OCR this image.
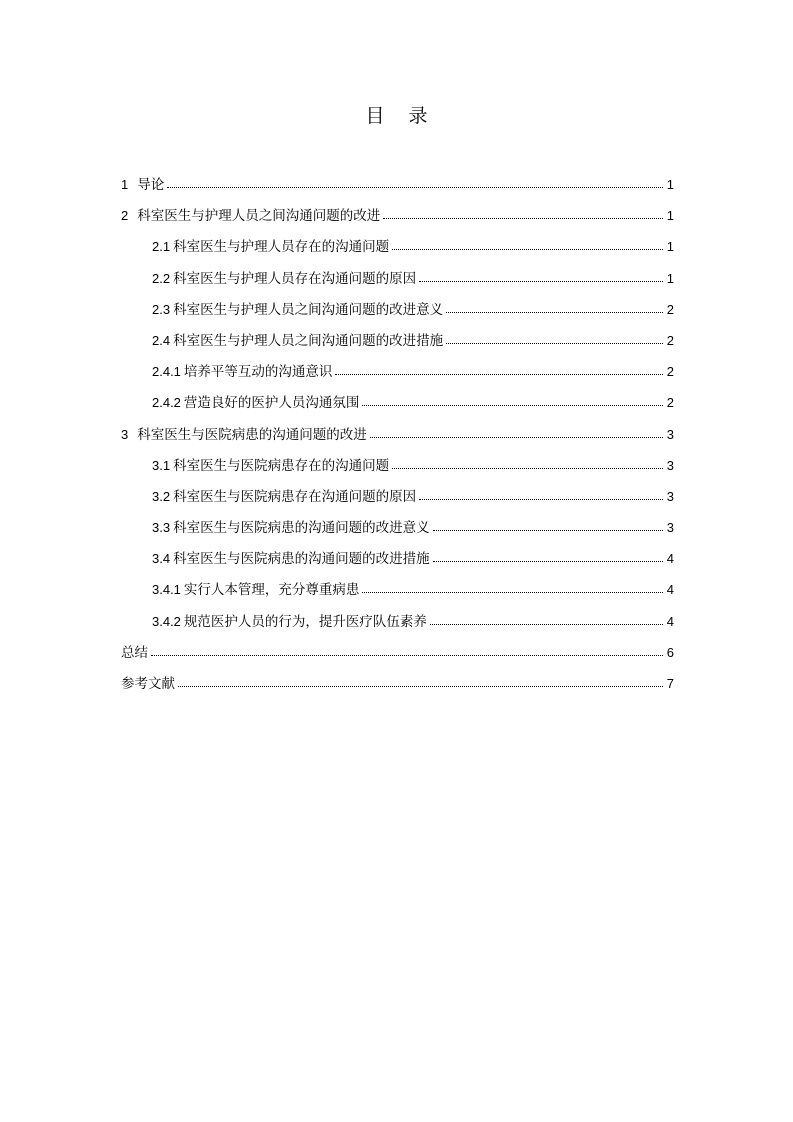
目 录
1 导论	1
2 科室医生与护理人员之间沟通问题的改进	1
2.1 科室医生与护理人员存在的沟通问题	1
2.2 科室医生与护理人员存在沟通问题的原因	1
2.3 科室医生与护理人员之间沟通问题的改进意义	2
2.4 科室医生与护理人员之间沟通问题的改进措施	2
2.4.1 培养平等互动的沟通意识	2
2.4.2 营造良好的医护人员沟通氛围	2
3 科室医生与医院病患的沟通问题的改进	3
3.1 科室医生与医院病患存在的沟通问题	3
3.2 科室医生与医院病患存在沟通问题的原因	3
3.3 科室医生与医院病患的沟通问题的改进意义	3
3.4 科室医生与医院病患的沟通问题的改进措施	4
3.4.1 实行人本管理，充分尊重病患	4
3.4.2 规范医护人员的行为，提升医疗队伍素养	4
总结	6
参考文献	7
